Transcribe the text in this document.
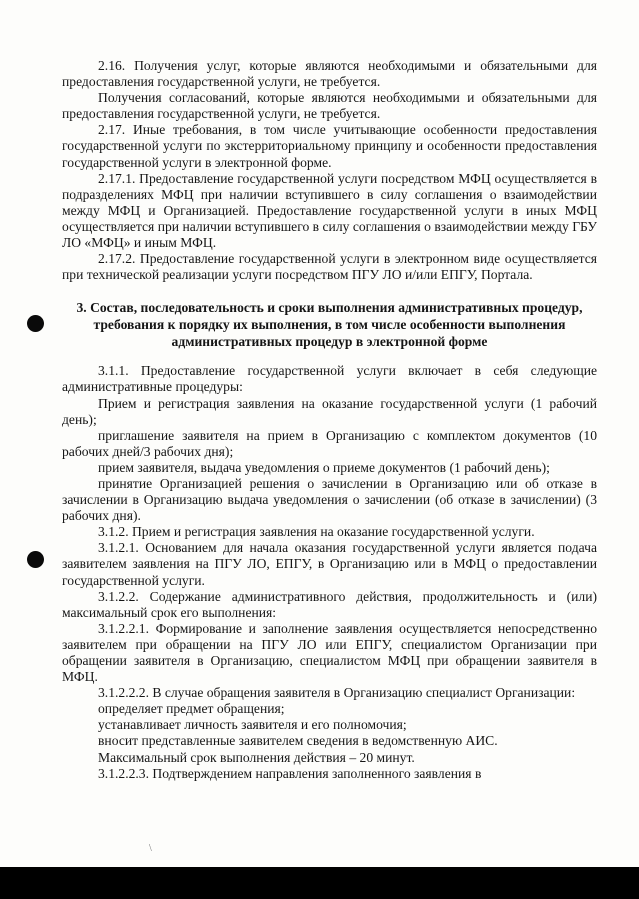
2.16. Получения услуг, которые являются необходимыми и обязательными для предоставления государственной услуги, не требуется.

Получения согласований, которые являются необходимыми и обязательными для предоставления государственной услуги, не требуется.

2.17. Иные требования, в том числе учитывающие особенности предоставления государственной услуги по экстерриториальному принципу и особенности предоставления государственной услуги в электронной форме.

2.17.1. Предоставление государственной услуги посредством МФЦ осуществляется в подразделениях МФЦ при наличии вступившего в силу соглашения о взаимодействии между МФЦ и Организацией. Предоставление государственной услуги в иных МФЦ осуществляется при наличии вступившего в силу соглашения о взаимодействии между ГБУ ЛО «МФЦ» и иным МФЦ.

2.17.2. Предоставление государственной услуги в электронном виде осуществляется при технической реализации услуги посредством ПГУ ЛО и/или ЕПГУ, Портала.

3. Состав, последовательность и сроки выполнения административных процедур, требования к порядку их выполнения, в том числе особенности выполнения административных процедур в электронной форме

3.1.1. Предоставление государственной услуги включает в себя следующие административные процедуры:

Прием и регистрация заявления на оказание государственной услуги (1 рабочий день);

приглашение заявителя на прием в Организацию с комплектом документов (10 рабочих дней/3 рабочих дня);

прием заявителя, выдача уведомления о приеме документов (1 рабочий день);

принятие Организацией решения о зачислении в Организацию или об отказе в зачислении в Организацию выдача уведомления о зачислении (об отказе в зачислении) (3 рабочих дня).

3.1.2. Прием и регистрация заявления на оказание государственной услуги.

3.1.2.1. Основанием для начала оказания государственной услуги является подача заявителем заявления на ПГУ ЛО, ЕПГУ, в Организацию или в МФЦ о предоставлении государственной услуги.

3.1.2.2. Содержание административного действия, продолжительность и (или) максимальный срок его выполнения:

3.1.2.2.1. Формирование и заполнение заявления осуществляется непосредственно заявителем при обращении на ПГУ ЛО или ЕПГУ, специалистом Организации при обращении заявителя в Организацию, специалистом МФЦ при обращении заявителя в МФЦ.

3.1.2.2.2. В случае обращения заявителя в Организацию специалист Организации:

определяет предмет обращения;

устанавливает личность заявителя и его полномочия;

вносит представленные заявителем сведения в ведомственную АИС.

Максимальный срок выполнения действия – 20 минут.

3.1.2.2.3. Подтверждением направления заполненного заявления в

\
